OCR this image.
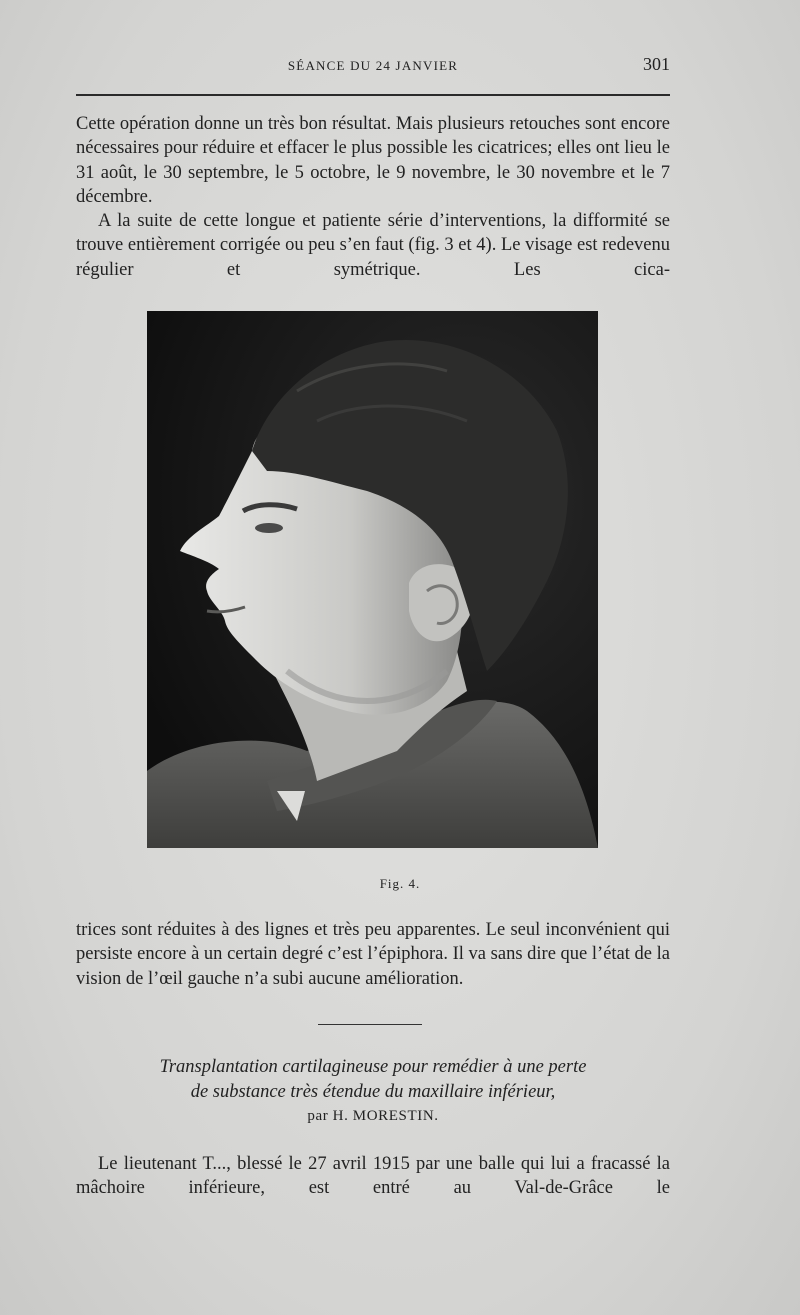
SÉANCE DU 24 JANVIER	301

Cette opération donne un très bon résultat. Mais plusieurs retouches sont encore nécessaires pour réduire et effacer le plus possible les cicatrices; elles ont lieu le 31 août, le 30 septembre, le 5 octobre, le 9 novembre, le 30 novembre et le 7 décembre.

A la suite de cette longue et patiente série d’interventions, la difformité se trouve entièrement corrigée ou peu s’en faut (fig. 3 et 4). Le visage est redevenu régulier et symétrique. Les cica-

Fig. 4.

trices sont réduites à des lignes et très peu apparentes. Le seul inconvénient qui persiste encore à un certain degré c’est l’épiphora. Il va sans dire que l’état de la vision de l’œil gauche n’a subi aucune amélioration.

Transplantation cartilagineuse pour remédier à une perte
de substance très étendue du maxillaire inférieur,
par H. MORESTIN.

Le lieutenant T..., blessé le 27 avril 1915 par une balle qui lui a fracassé la mâchoire inférieure, est entré au Val-de-Grâce le
